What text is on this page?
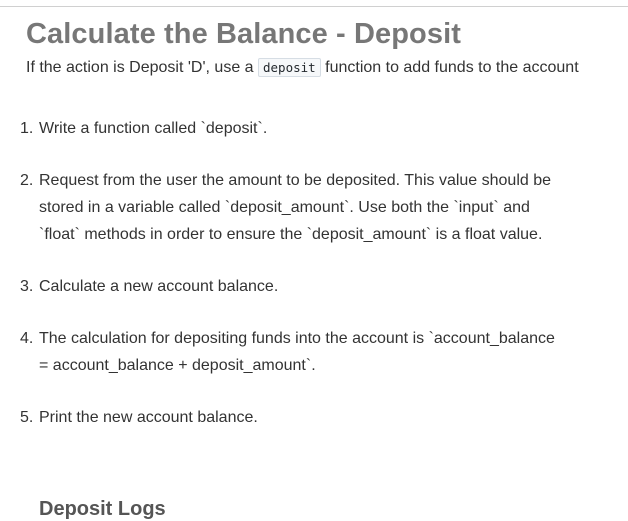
Calculate the Balance - Deposit

If the action is Deposit 'D', use a deposit function to add funds to the account

1. Write a function called `deposit`.
2. Request from the user the amount to be deposited. This value should be stored in a variable called `deposit_amount`. Use both the `input` and `float` methods in order to ensure the `deposit_amount` is a float value.
3. Calculate a new account balance.
4. The calculation for depositing funds into the account is `account_balance = account_balance + deposit_amount`.
5. Print the new account balance.
Deposit Logs
